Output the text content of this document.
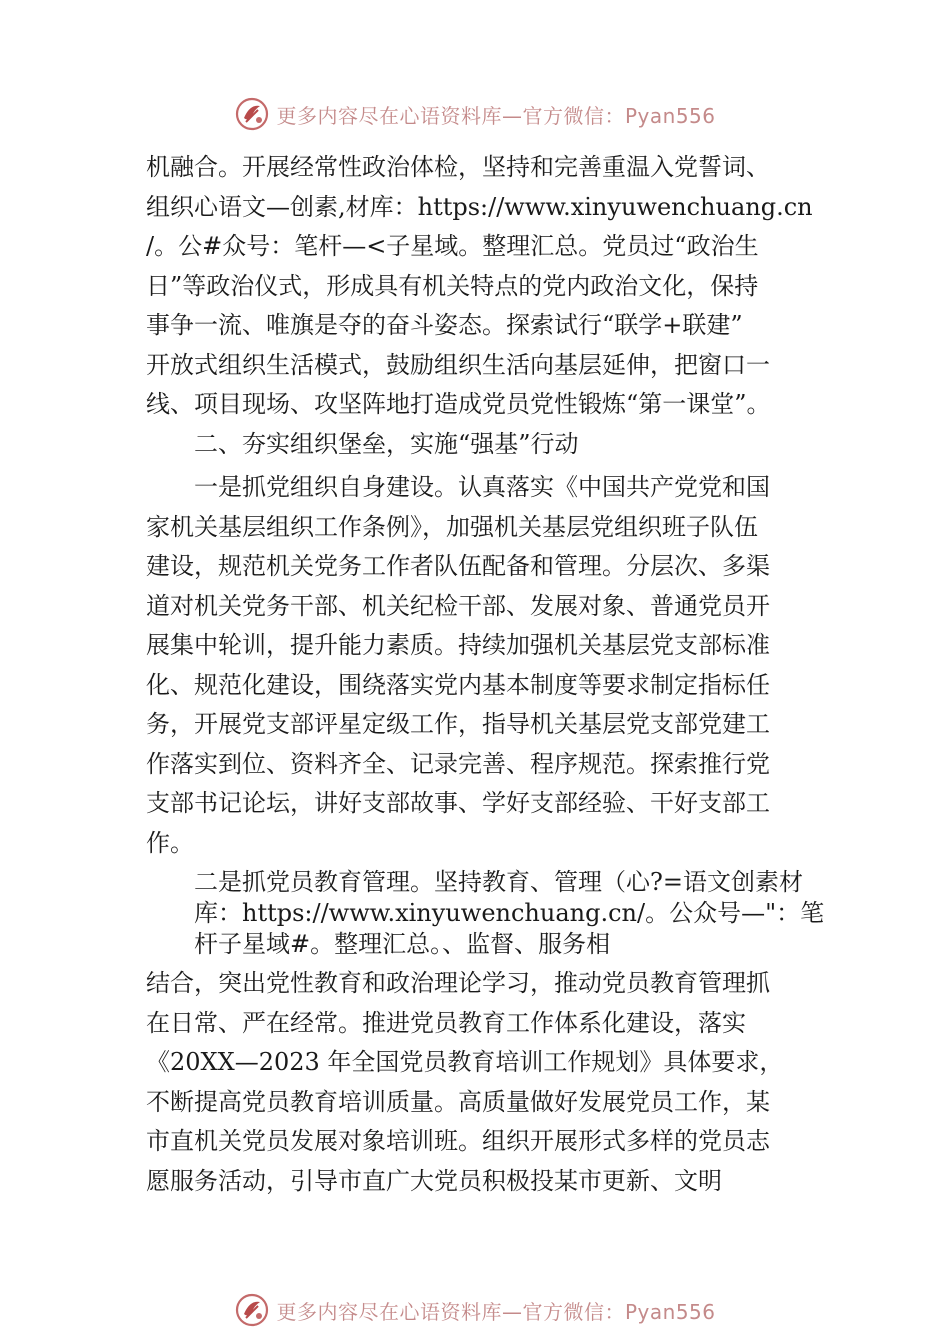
更多内容尽在心语资料库—官方微信：Pyan556
机融合。开展经常性政治体检，坚持和完善重温入党誓词、
组织心语文—创素,材库：https://www.xinyuwenchuang.cn
/。公#众号：笔杆—<子星域。整理汇总。党员过“政治生
日”等政治仪式，形成具有机关特点的党内政治文化，保持
事争一流、唯旗是夺的奋斗姿态。探索试行“联学+联建”
开放式组织生活模式，鼓励组织生活向基层延伸，把窗口一
线、项目现场、攻坚阵地打造成党员党性锻炼“第一课堂”。
二、夯实组织堡垒，实施“强基”行动
一是抓党组织自身建设。认真落实《中国共产党党和国
家机关基层组织工作条例》，加强机关基层党组织班子队伍
建设，规范机关党务工作者队伍配备和管理。分层次、多渠
道对机关党务干部、机关纪检干部、发展对象、普通党员开
展集中轮训，提升能力素质。持续加强机关基层党支部标准
化、规范化建设，围绕落实党内基本制度等要求制定指标任
务，开展党支部评星定级工作，指导机关基层党支部党建工
作落实到位、资料齐全、记录完善、程序规范。探索推行党
支部书记论坛，讲好支部故事、学好支部经验、干好支部工
作。
二是抓党员教育管理。坚持教育、管理（心?=语文创素材
库：https://www.xinyuwenchuang.cn/。公众号—"：笔
杆子星域#。整理汇总。、监督、服务相
结合，突出党性教育和政治理论学习，推动党员教育管理抓
在日常、严在经常。推进党员教育工作体系化建设，落实
《20XX—2023 年全国党员教育培训工作规划》具体要求，
不断提高党员教育培训质量。高质量做好发展党员工作，某
市直机关党员发展对象培训班。组织开展形式多样的党员志
愿服务活动，引导市直广大党员积极投某市更新、文明
更多内容尽在心语资料库—官方微信：Pyan556
